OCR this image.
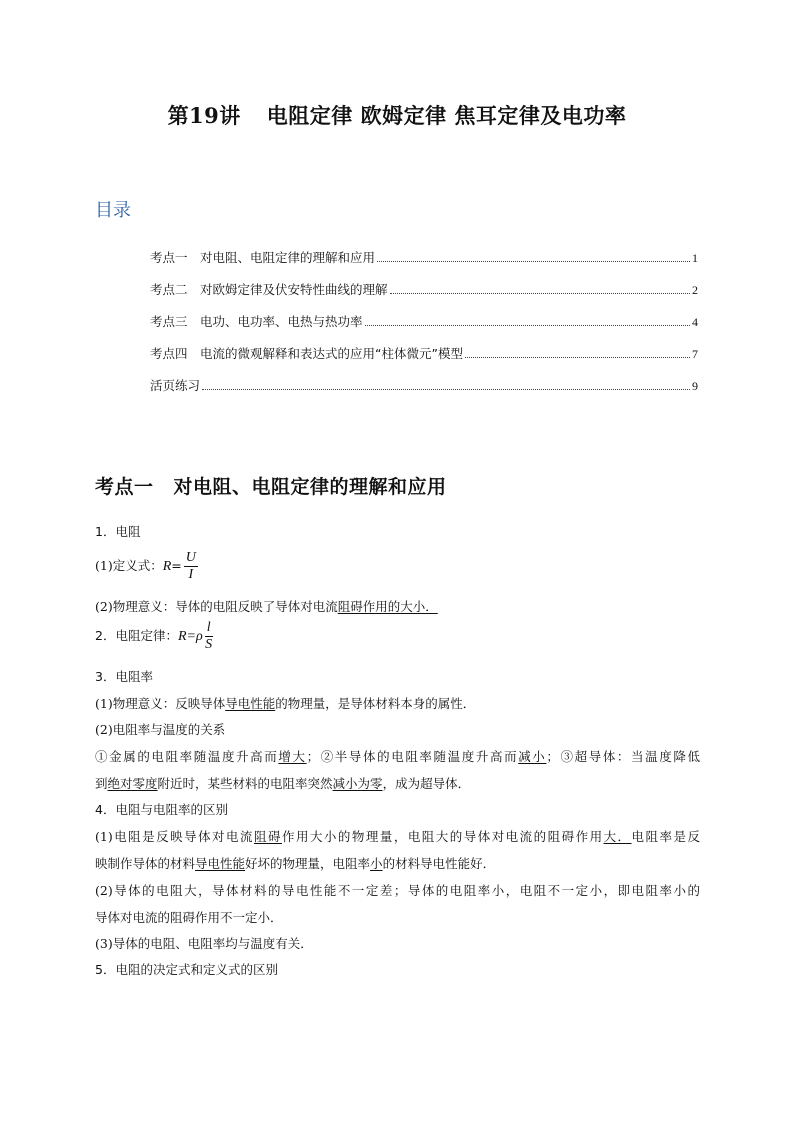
第19讲 电阻定律 欧姆定律 焦耳定律及电功率
目录
考点一　对电阻、电阻定律的理解和应用	1
考点二　对欧姆定律及伏安特性曲线的理解	2
考点三　电功、电功率、电热与热功率	4
考点四　电流的微观解释和表达式的应用“柱体微元”模型	7
活页练习	9
考点一 对电阻、电阻定律的理解和应用
1．电阻
(1)定义式：$R= \frac{U}{I}$
(2)物理意义：导体的电阻反映了导体对电流阻碍作用的大小．
2．电阻定律：$R=\rho \frac{l}{S}$
3．电阻率
(1)物理意义：反映导体导电性能的物理量，是导体材料本身的属性．
(2)电阻率与温度的关系
①金属的电阻率随温度升高而增大；②半导体的电阻率随温度升高而减小；③超导体：当温度降低
到绝对零度附近时，某些材料的电阻率突然减小为零，成为超导体．
4．电阻与电阻率的区别
(1)电阻是反映导体对电流阻碍作用大小的物理量，电阻大的导体对电流的阻碍作用大．电阻率是反
映制作导体的材料导电性能好坏的物理量，电阻率小的材料导电性能好．
(2)导体的电阻大，导体材料的导电性能不一定差；导体的电阻率小，电阻不一定小，即电阻率小的
导体对电流的阻碍作用不一定小．
(3)导体的电阻、电阻率均与温度有关．
5．电阻的决定式和定义式的区别
